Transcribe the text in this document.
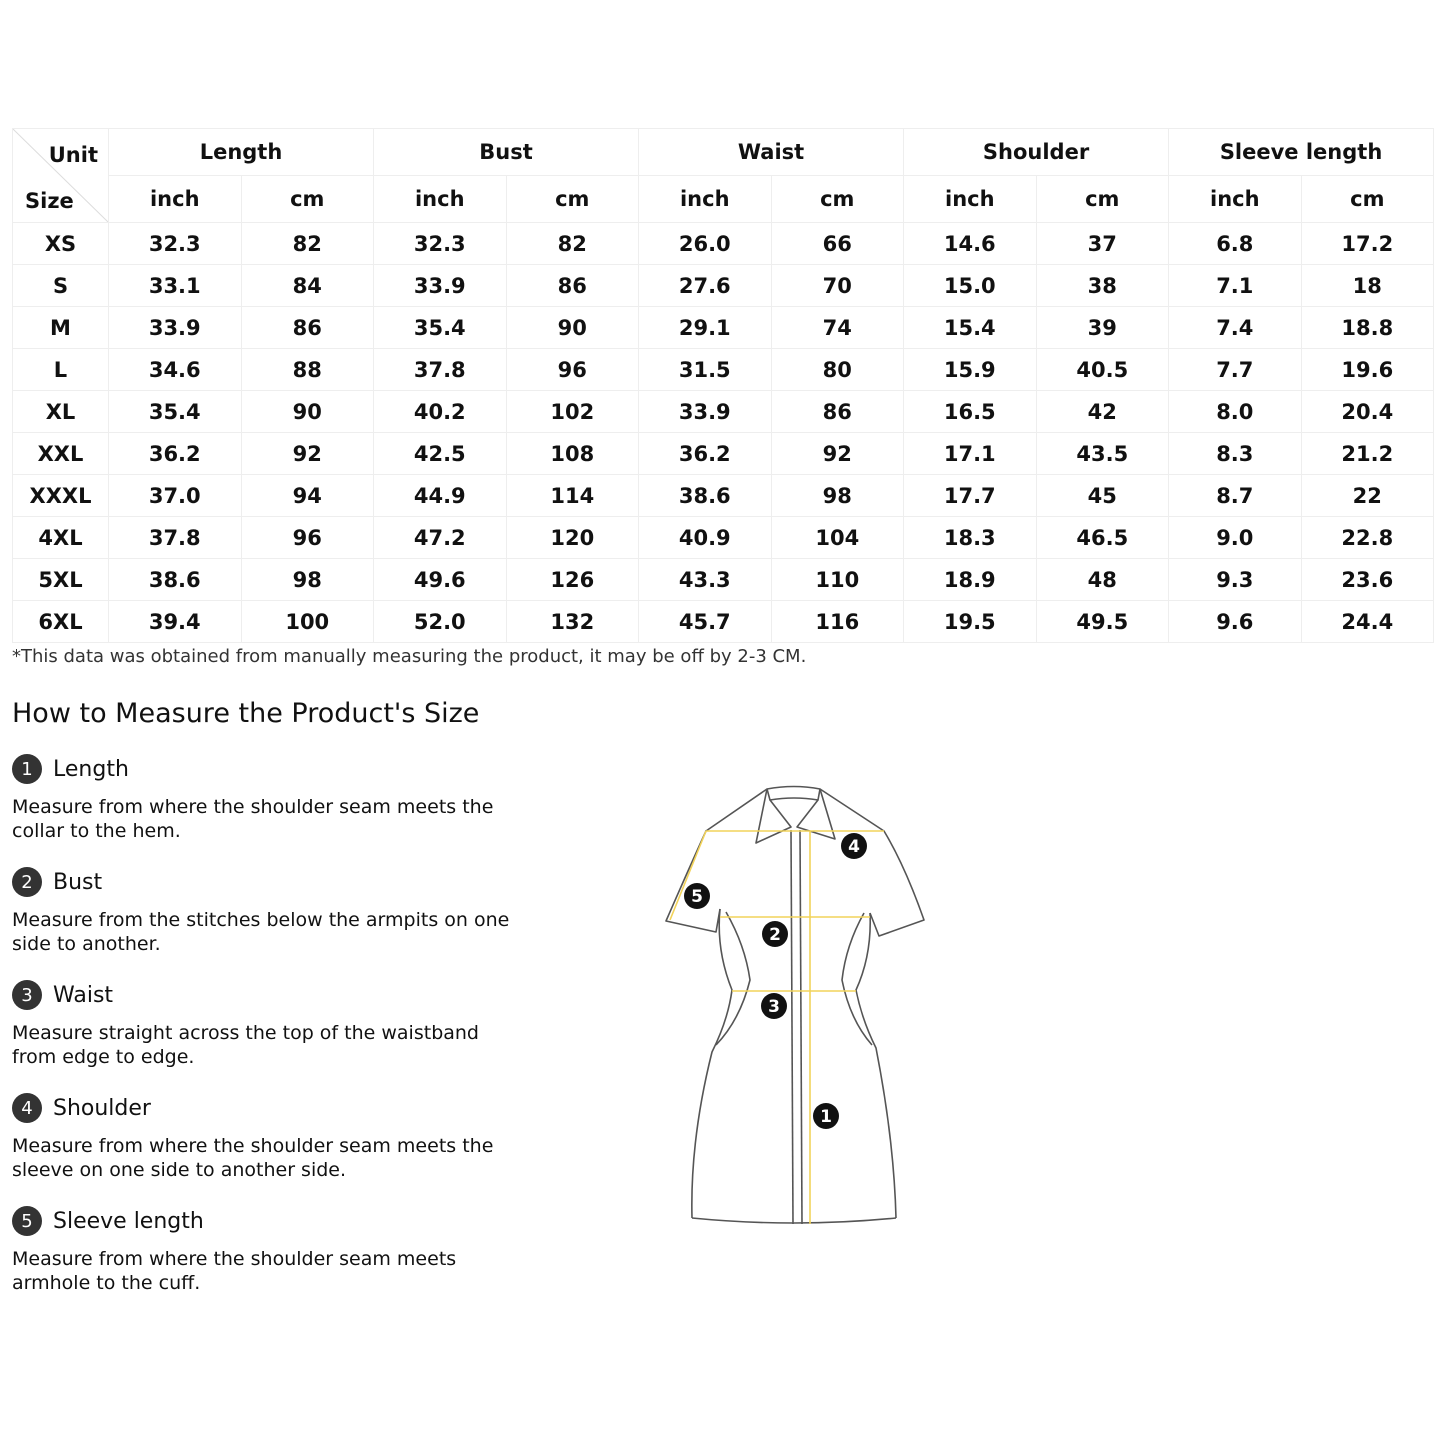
Unit
Size	Length		Bust		Waist		Shoulder		Sleeve length	
	inch	cm	inch	cm	inch	cm	inch	cm	inch	cm
XS	32.3	82	32.3	82	26.0	66	14.6	37	6.8	17.2
S	33.1	84	33.9	86	27.6	70	15.0	38	7.1	18
M	33.9	86	35.4	90	29.1	74	15.4	39	7.4	18.8
L	34.6	88	37.8	96	31.5	80	15.9	40.5	7.7	19.6
XL	35.4	90	40.2	102	33.9	86	16.5	42	8.0	20.4
XXL	36.2	92	42.5	108	36.2	92	17.1	43.5	8.3	21.2
XXXL	37.0	94	44.9	114	38.6	98	17.7	45	8.7	22
4XL	37.8	96	47.2	120	40.9	104	18.3	46.5	9.0	22.8
5XL	38.6	98	49.6	126	43.3	110	18.9	48	9.3	23.6
6XL	39.4	100	52.0	132	45.7	116	19.5	49.5	9.6	24.4
*This data was obtained from manually measuring the product, it may be off by 2-3 CM.
How to Measure the Product's Size
1 Length
Measure from where the shoulder seam meets the collar to the hem.
2 Bust
Measure from the stitches below the armpits on one side to another.
3 Waist
Measure straight across the top of the waistband from edge to edge.
4 Shoulder
Measure from where the shoulder seam meets the sleeve on one side to another side.
5 Sleeve length
Measure from where the shoulder seam meets armhole to the cuff.
1
2
3
4
5
